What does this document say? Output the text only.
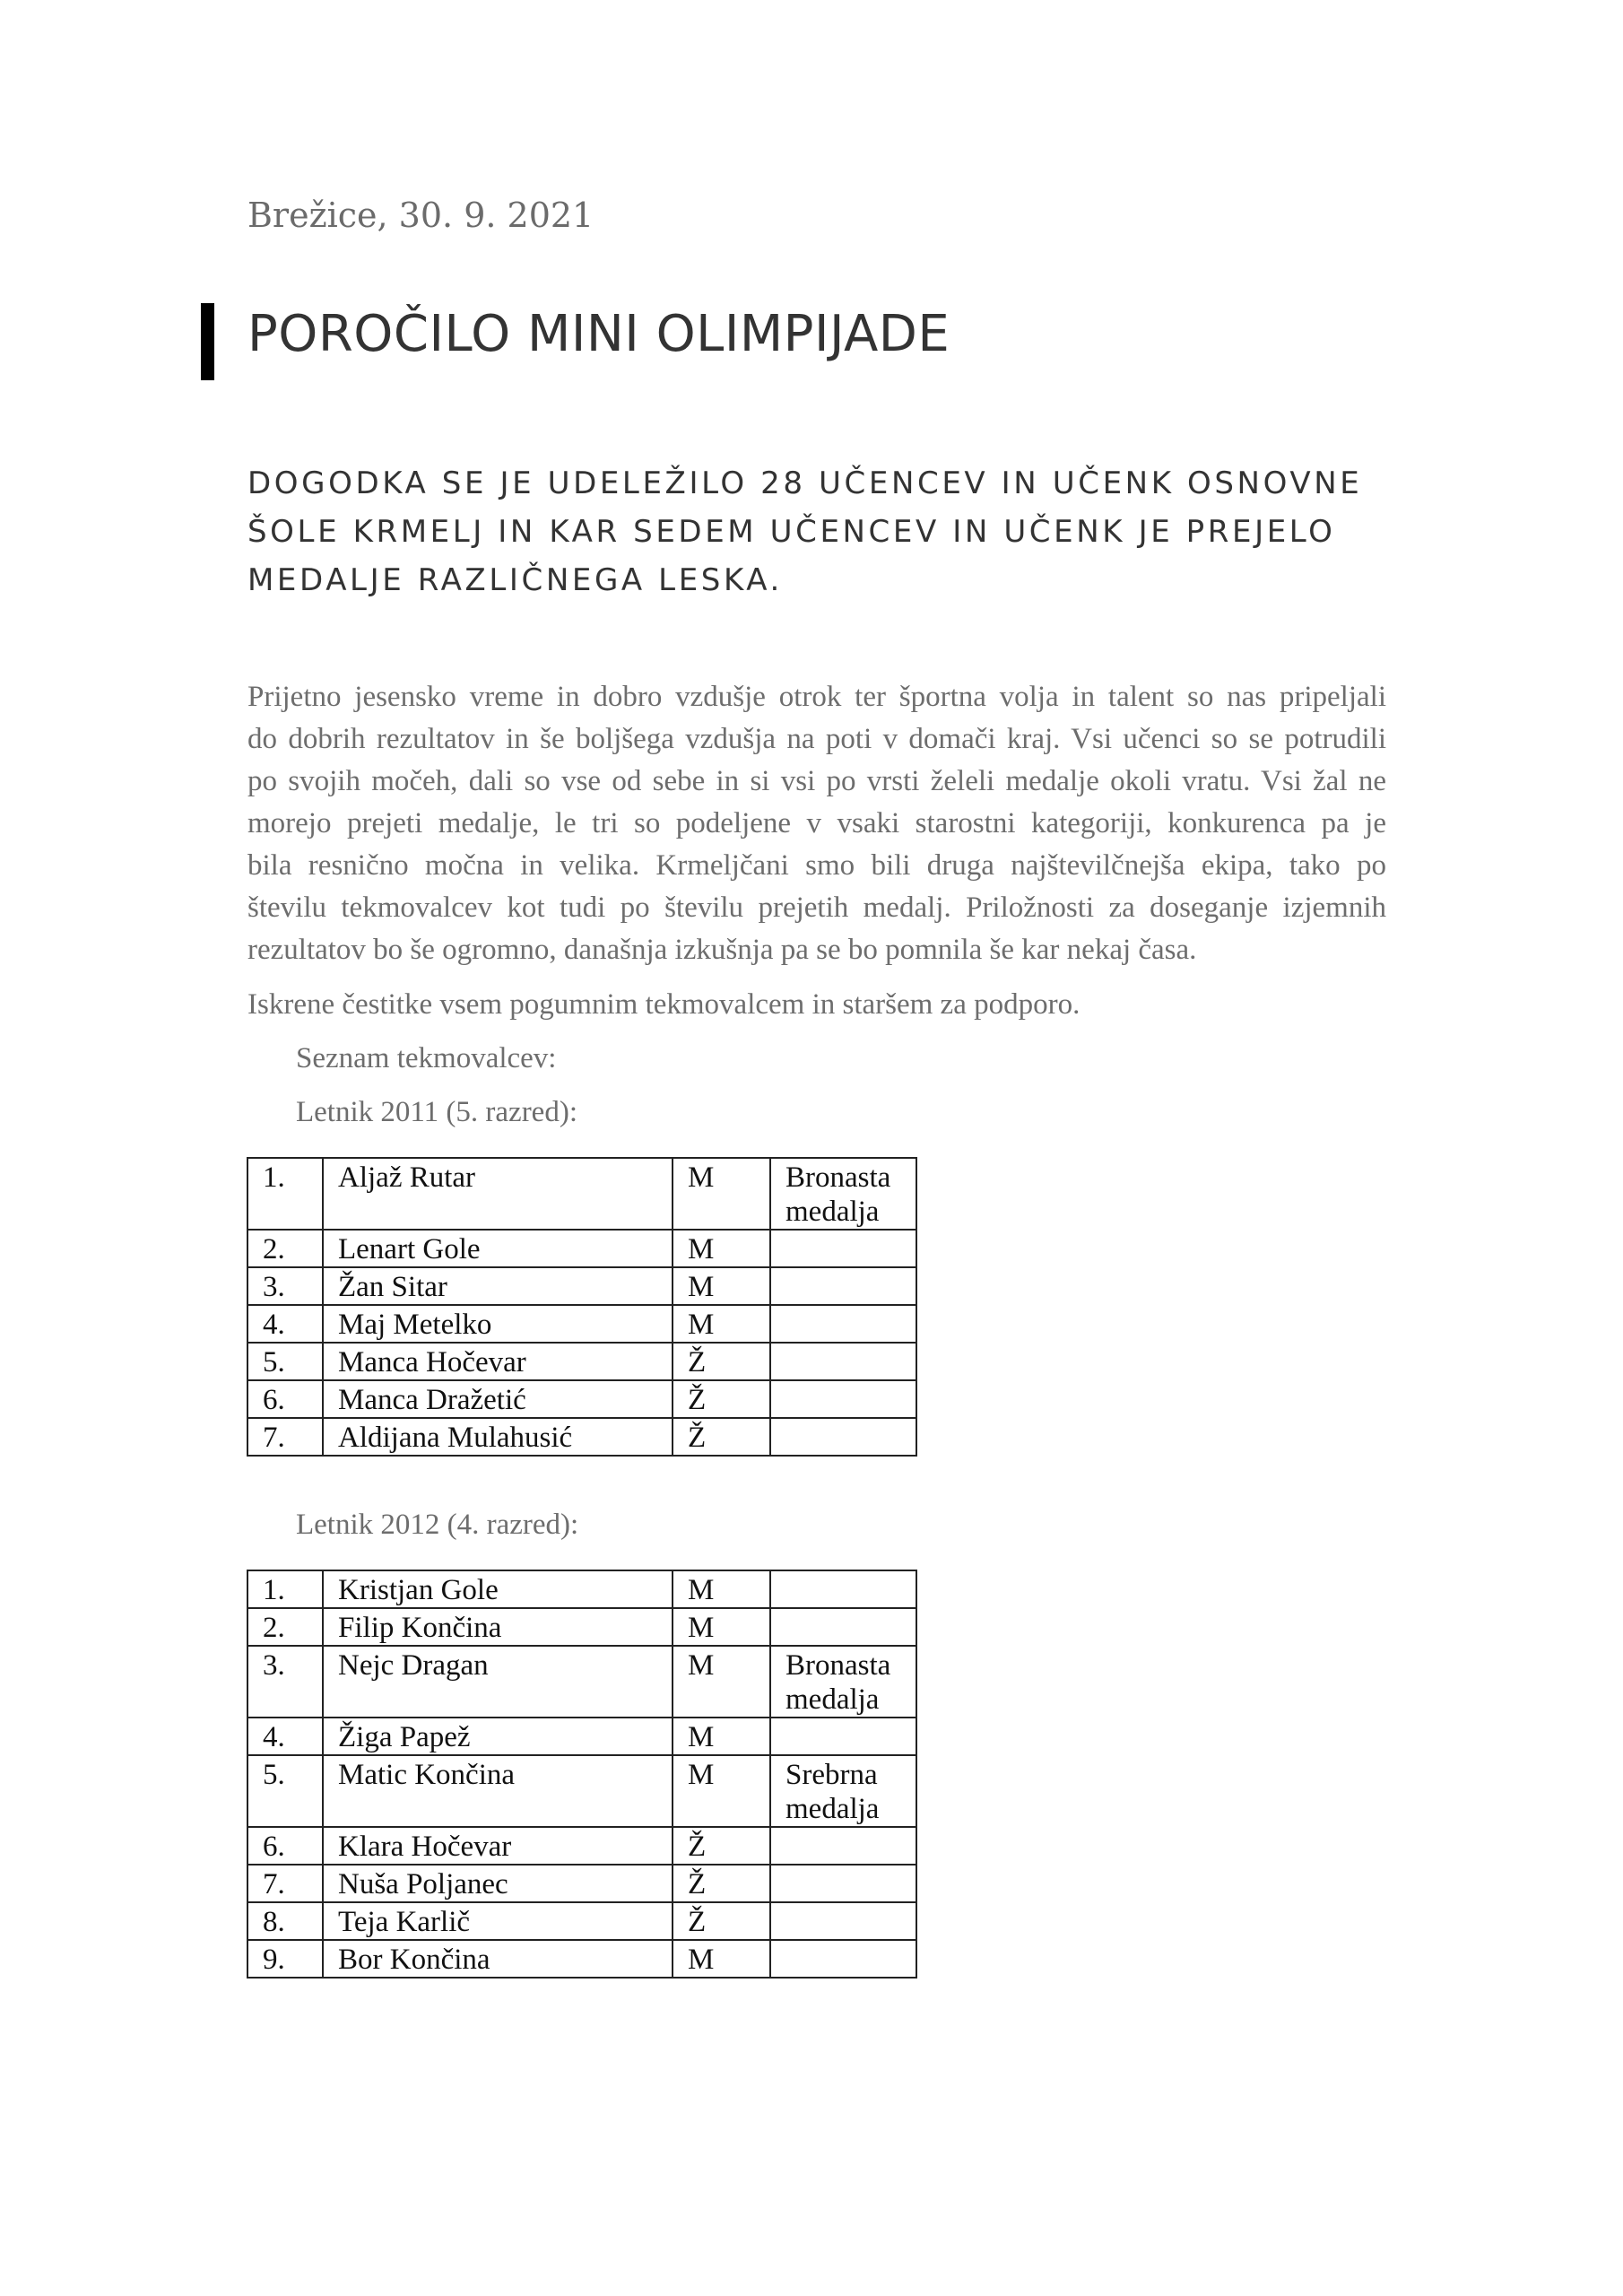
Brežice, 30. 9. 2021
POROČILO MINI OLIMPIJADE
DOGODKA SE JE UDELEŽILO 28 UČENCEV IN UČENK OSNOVNE
ŠOLE KRMELJ IN KAR SEDEM UČENCEV IN UČENK JE PREJELO
MEDALJE RAZLIČNEGA LESKA.
Prijetno jesensko vreme in dobro vzdušje otrok ter športna volja in talent so nas pripeljali
do dobrih rezultatov in še boljšega vzdušja na poti v domači kraj. Vsi učenci so se potrudili
po svojih močeh, dali so vse od sebe in si vsi po vrsti želeli medalje okoli vratu. Vsi žal ne
morejo prejeti medalje, le tri so podeljene v vsaki starostni kategoriji, konkurenca pa je
bila resnično močna in velika. Krmeljčani smo bili druga najštevilčnejša ekipa, tako po
številu tekmovalcev kot tudi po številu prejetih medalj. Priložnosti za doseganje izjemnih
rezultatov bo še ogromno, današnja izkušnja pa se bo pomnila še kar nekaj časa.
Iskrene čestitke vsem pogumnim tekmovalcem in staršem za podporo.
Seznam tekmovalcev:
Letnik 2011 (5. razred):
1.	Aljaž Rutar	M	Bronasta medalja
2.	Lenart Gole	M	
3.	Žan Sitar	M	
4.	Maj Metelko	M	
5.	Manca Hočevar	Ž	
6.	Manca Dražetić	Ž	
7.	Aldijana Mulahusić	Ž	
Letnik 2012 (4. razred):
1.	Kristjan Gole	M	
2.	Filip Končina	M	
3.	Nejc Dragan	M	Bronasta medalja
4.	Žiga Papež	M	
5.	Matic Končina	M	Srebrna medalja
6.	Klara Hočevar	Ž	
7.	Nuša Poljanec	Ž	
8.	Teja Karlič	Ž	
9.	Bor Končina	M	
